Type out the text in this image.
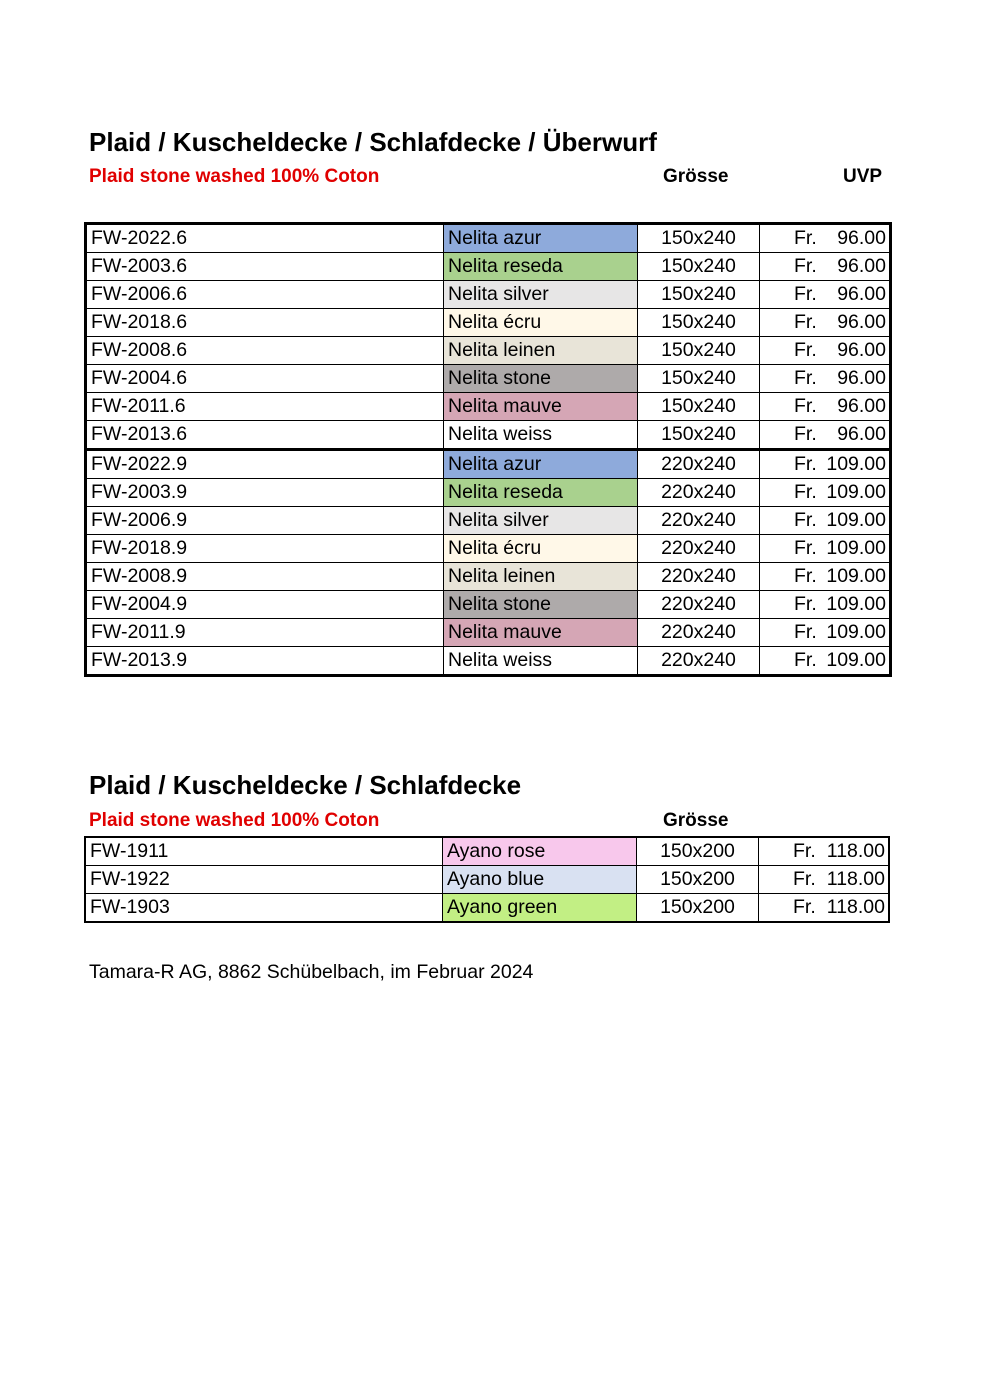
Plaid / Kuscheldecke / Schlafdecke / Überwurf
Plaid stone washed 100% Coton	Grösse	UVP
FW-2022.6	Nelita azur	150x240	Fr. 96.00
FW-2003.6	Nelita reseda	150x240	Fr. 96.00
FW-2006.6	Nelita silver	150x240	Fr. 96.00
FW-2018.6	Nelita écru	150x240	Fr. 96.00
FW-2008.6	Nelita leinen	150x240	Fr. 96.00
FW-2004.6	Nelita stone	150x240	Fr. 96.00
FW-2011.6	Nelita mauve	150x240	Fr. 96.00
FW-2013.6	Nelita weiss	150x240	Fr. 96.00
FW-2022.9	Nelita azur	220x240	Fr. 109.00
FW-2003.9	Nelita reseda	220x240	Fr. 109.00
FW-2006.9	Nelita silver	220x240	Fr. 109.00
FW-2018.9	Nelita écru	220x240	Fr. 109.00
FW-2008.9	Nelita leinen	220x240	Fr. 109.00
FW-2004.9	Nelita stone	220x240	Fr. 109.00
FW-2011.9	Nelita mauve	220x240	Fr. 109.00
FW-2013.9	Nelita weiss	220x240	Fr. 109.00
Plaid / Kuscheldecke / Schlafdecke
Plaid stone washed 100% Coton	Grösse
FW-1911	Ayano rose	150x200	Fr. 118.00
FW-1922	Ayano blue	150x200	Fr. 118.00
FW-1903	Ayano green	150x200	Fr. 118.00
Tamara-R AG, 8862 Schübelbach, im Februar 2024
